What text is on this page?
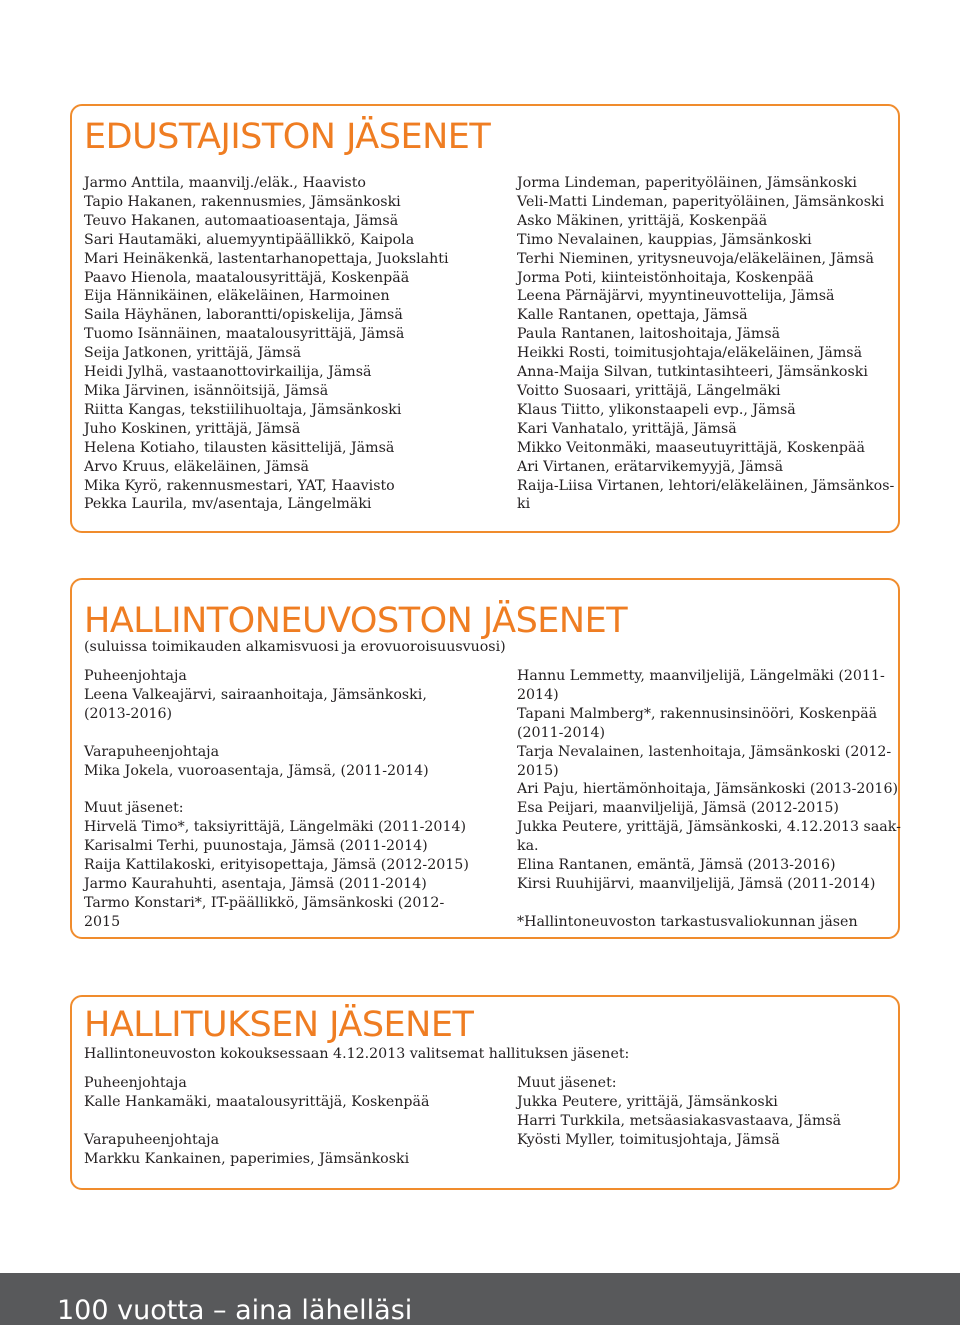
EDUSTAJISTON JÄSENET
Jarmo Anttila, maanvilj./eläk., Haavisto
Tapio Hakanen, rakennusmies, Jämsänkoski
Teuvo Hakanen, automaatioasentaja, Jämsä
Sari Hautamäki, aluemyyntipäällikkö, Kaipola
Mari Heinäkenkä, lastentarhanopettaja, Juokslahti
Paavo Hienola, maatalousyrittäjä, Koskenpää
Eija Hännikäinen, eläkeläinen, Harmoinen
Saila Häyhänen, laborantti/opiskelija, Jämsä
Tuomo Isännäinen, maatalousyrittäjä, Jämsä
Seija Jatkonen, yrittäjä, Jämsä
Heidi Jylhä, vastaanottovirkailija, Jämsä
Mika Järvinen, isännöitsijä, Jämsä
Riitta Kangas, tekstiilihuoltaja, Jämsänkoski
Juho Koskinen, yrittäjä, Jämsä
Helena Kotiaho, tilausten käsittelijä, Jämsä
Arvo Kruus, eläkeläinen, Jämsä
Mika Kyrö, rakennusmestari, YAT, Haavisto
Pekka Laurila, mv/asentaja, Längelmäki
Jorma Lindeman, paperityöläinen, Jämsänkoski
Veli-Matti Lindeman, paperityöläinen, Jämsänkoski
Asko Mäkinen, yrittäjä, Koskenpää
Timo Nevalainen, kauppias, Jämsänkoski
Terhi Nieminen, yritysneuvoja/eläkeläinen, Jämsä
Jorma Poti, kiinteistönhoitaja, Koskenpää
Leena Pärnäjärvi, myyntineuvottelija, Jämsä
Kalle Rantanen, opettaja, Jämsä
Paula Rantanen, laitoshoitaja, Jämsä
Heikki Rosti, toimitusjohtaja/eläkeläinen, Jämsä
Anna-Maija Silvan, tutkintasihteeri, Jämsänkoski
Voitto Suosaari, yrittäjä, Längelmäki
Klaus Tiitto, ylikonstaapeli evp., Jämsä
Kari Vanhatalo, yrittäjä, Jämsä
Mikko Veitonmäki, maaseutuyrittäjä, Koskenpää
Ari Virtanen, erätarvikemyyjä, Jämsä
Raija-Liisa Virtanen, lehtori/eläkeläinen, Jämsänkos-
ki
HALLINTONEUVOSTON JÄSENET
(suluissa toimikauden alkamisvuosi ja erovuoroisuusvuosi)
Puheenjohtaja
Leena Valkeajärvi, sairaanhoitaja, Jämsänkoski,
(2013-2016)
Varapuheenjohtaja
Mika Jokela, vuoroasentaja, Jämsä, (2011-2014)
Muut jäsenet:
Hirvelä Timo*, taksiyrittäjä, Längelmäki (2011-2014)
Karisalmi Terhi, puunostaja, Jämsä (2011-2014)
Raija Kattilakoski, erityisopettaja, Jämsä (2012-2015)
Jarmo Kaurahuhti, asentaja, Jämsä (2011-2014)
Tarmo Konstari*, IT-päällikkö, Jämsänkoski (2012-
2015
Hannu Lemmetty, maanviljelijä, Längelmäki (2011-
2014)
Tapani Malmberg*, rakennusinsinööri, Koskenpää
(2011-2014)
Tarja Nevalainen, lastenhoitaja, Jämsänkoski (2012-
2015)
Ari Paju, hiertämönhoitaja, Jämsänkoski (2013-2016)
Esa Peijari, maanviljelijä, Jämsä (2012-2015)
Jukka Peutere, yrittäjä, Jämsänkoski, 4.12.2013 saak-
ka.
Elina Rantanen, emäntä, Jämsä (2013-2016)
Kirsi Ruuhijärvi, maanviljelijä, Jämsä (2011-2014)
*Hallintoneuvoston tarkastusvaliokunnan jäsen
HALLITUKSEN JÄSENET
Hallintoneuvoston kokouksessaan 4.12.2013 valitsemat hallituksen jäsenet:
Puheenjohtaja
Kalle Hankamäki, maatalousyrittäjä, Koskenpää
Varapuheenjohtaja
Markku Kankainen, paperimies, Jämsänkoski
Muut jäsenet:
Jukka Peutere, yrittäjä, Jämsänkoski
Harri Turkkila, metsäasiakasvastaava, Jämsä
Kyösti Myller, toimitusjohtaja, Jämsä
100 vuotta – aina lähelläsi
